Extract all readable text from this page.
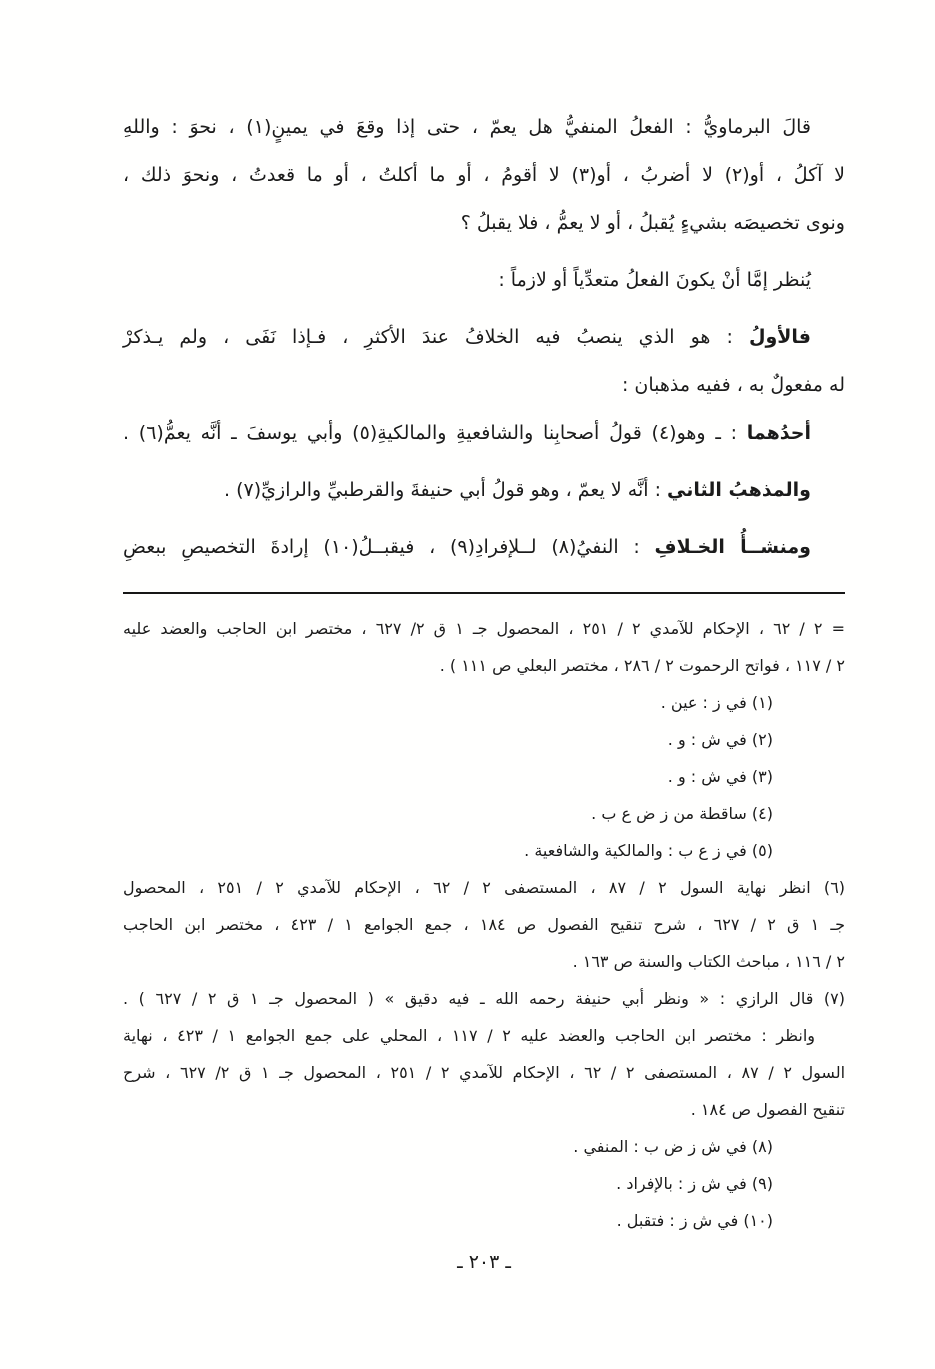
قالَ البرماويُّ : الفعلُ المنفيُّ هل يعمّ ، حتى إذا وقعَ في يمينٍ(١) ، نحوَ : واللهِ

لا آكلُ ، أو(٢) لا أضربُ ، أو(٣) لا أقومُ ، أو ما أكلتُ ، أو ما قعدتُ ، ونحوَ ذلك ،

ونوى تخصيصَه بشيءٍ يُقبلُ ، أو لا يعمُّ ، فلا يقبلُ ؟

يُنظر إمَّا أنْ يكونَ الفعلُ متعدِّياً أو لازماً :

فالأولُ : هو الذي ينصبُ فيه الخلافُ عندَ الأكثرِ ، فـإذا نَفَى ، ولم يـذكرْ

له مفعولٌ به ، ففيه مذهبان :

أحدُهما : ـ وهو(٤) قولُ أصحابِنا والشافعيةِ والمالكيةِ(٥) وأبي يوسفَ ـ أنَّه يعمُّ(٦) .

والمذهبُ الثاني : أنَّه لا يعمّ ، وهو قولُ أبي حنيفةَ والقرطبيِّ والرازيِّ(٧) .

ومنشــأُ الخـلافِ : النفيُ(٨) لــلإفرادِ(٩) ، فيقبــلُ(١٠) إرادةَ التخصيصِ ببعضِ

= ٢ / ٦٢ ، الإحكام للآمدي ٢ / ٢٥١ ، المحصول جـ ١ ق ٢/ ٦٢٧ ، مختصر ابن الحاجب والعضد عليه

٢ / ١١٧ ، فواتح الرحموت ٢ / ٢٨٦ ، مختصر البعلي ص ١١١ ) .

(١) في ز : عين .

(٢) في ش : و .

(٣) في ش : و .

(٤) ساقطة من ز ض ع ب .

(٥) في ز ع ب : والمالكية والشافعية .

(٦) انظر نهاية السول ٢ / ٨٧ ، المستصفى ٢ / ٦٢ ، الإحكام للآمدي ٢ / ٢٥١ ، المحصول

جـ ١ ق ٢ / ٦٢٧ ، شرح تنقيح الفصول ص ١٨٤ ، جمع الجوامع ١ / ٤٢٣ ، مختصر ابن الحاجب

٢ / ١١٦ ، مباحث الكتاب والسنة ص ١٦٣ .

(٧) قال الرازي : « ونظر أبي حنيفة رحمه الله ـ فيه دقيق » ( المحصول جـ ١ ق ٢ / ٦٢٧ ) .

وانظر : مختصر ابن الحاجب والعضد عليه ٢ / ١١٧ ، المحلي على جمع الجوامع ١ / ٤٢٣ ، نهاية

السول ٢ / ٨٧ ، المستصفى ٢ / ٦٢ ، الإحكام للآمدي ٢ / ٢٥١ ، المحصول جـ ١ ق ٢/ ٦٢٧ ، شرح

تنقيح الفصول ص ١٨٤ .

(٨) في ش ز ض ب : المنفي .

(٩) في ش ز : بالإفراد .

(١٠) في ش ز : فتقبل .

ـ ٢٠٣ ـ
